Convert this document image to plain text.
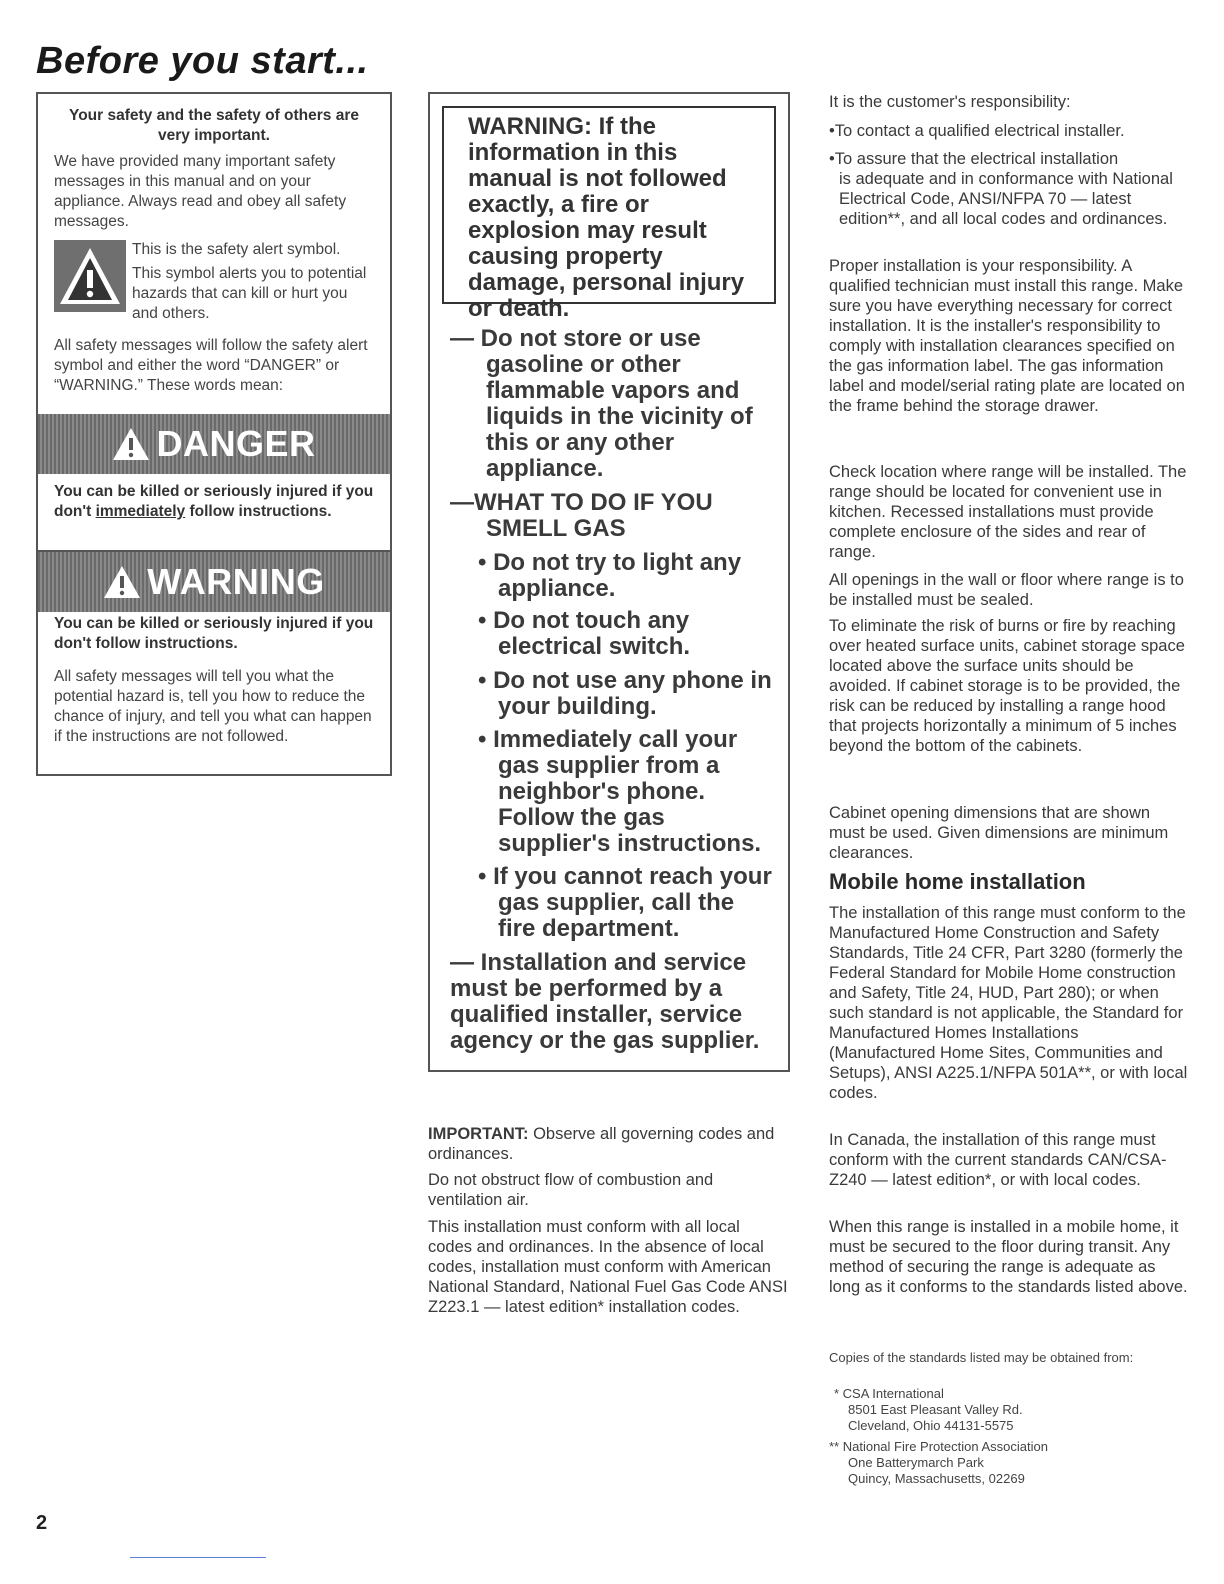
Before you start...
Your safety and the safety of others are very important.

We have provided many important safety messages in this manual and on your appliance. Always read and obey all safety messages.

This is the safety alert symbol.

This symbol alerts you to potential hazards that can kill or hurt you and others.

All safety messages will follow the safety alert symbol and either the word “DANGER” or “WARNING.” These words mean:

DANGER
You can be killed or seriously injured if you don't immediately follow instructions.
WARNING
You can be killed or seriously injured if you don't follow instructions.
All safety messages will tell you what the potential hazard is, tell you how to reduce the chance of injury, and tell you what can happen if the instructions are not followed.
WARNING: If the information in this manual is not followed exactly, a fire or explosion may result causing property damage, personal injury or death.
— Do not store or use
gasoline or other flammable vapors and liquids in the vicinity of this or any other appliance.
—WHAT TO DO IF YOU
SMELL GAS
• Do not try to light any
appliance.
• Do not touch any
electrical switch.
• Do not use any phone in
your building.
• Immediately call your
gas supplier from a neighbor's phone. Follow the gas supplier's instructions.
• If you cannot reach your
gas supplier, call the fire department.
— Installation and service must be performed by a qualified installer, service agency or the gas supplier.
IMPORTANT: Observe all governing codes and ordinances.
Do not obstruct flow of combustion and ventilation air.
This installation must conform with all local codes and ordinances. In the absence of local codes, installation must conform with American National Standard, National Fuel Gas Code ANSI Z223.1 — latest edition* installation codes.
It is the customer's responsibility:
•To contact a qualified electrical installer.
•To assure that the electrical installation
is adequate and in conformance with National Electrical Code, ANSI/NFPA 70 — latest edition**, and all local codes and ordinances.
Proper installation is your responsibility. A qualified technician must install this range. Make sure you have everything necessary for correct installation. It is the installer's responsibility to comply with installation clearances specified on the gas information label. The gas information label and model/serial rating plate are located on the frame behind the storage drawer.
Check location where range will be installed. The range should be located for convenient use in kitchen. Recessed installations must provide complete enclosure of the sides and rear of range.
All openings in the wall or floor where range is to be installed must be sealed.
To eliminate the risk of burns or fire by reaching over heated surface units, cabinet storage space located above the surface units should be avoided. If cabinet storage is to be provided, the risk can be reduced by installing a range hood that projects horizontally a minimum of 5 inches beyond the bottom of the cabinets.
Cabinet opening dimensions that are shown must be used. Given dimensions are minimum clearances.
Mobile home installation
The installation of this range must conform to the Manufactured Home Construction and Safety Standards, Title 24 CFR, Part 3280 (formerly the Federal Standard for Mobile Home construction and Safety, Title 24, HUD, Part 280); or when such standard is not applicable, the Standard for Manufactured Homes Installations (Manufactured Home Sites, Communities and Setups), ANSI A225.1/NFPA 501A**, or with local codes.
In Canada, the installation of this range must conform with the current standards CAN/CSA-Z240 — latest edition*, or with local codes.
When this range is installed in a mobile home, it must be secured to the floor during transit. Any method of securing the range is adequate as long as it conforms to the standards listed above.
Copies of the standards listed may be obtained from:
* CSA International
8501 East Pleasant Valley Rd.
Cleveland, Ohio 44131-5575
** National Fire Protection Association
One Batterymarch Park
Quincy, Massachusetts, 02269
2
